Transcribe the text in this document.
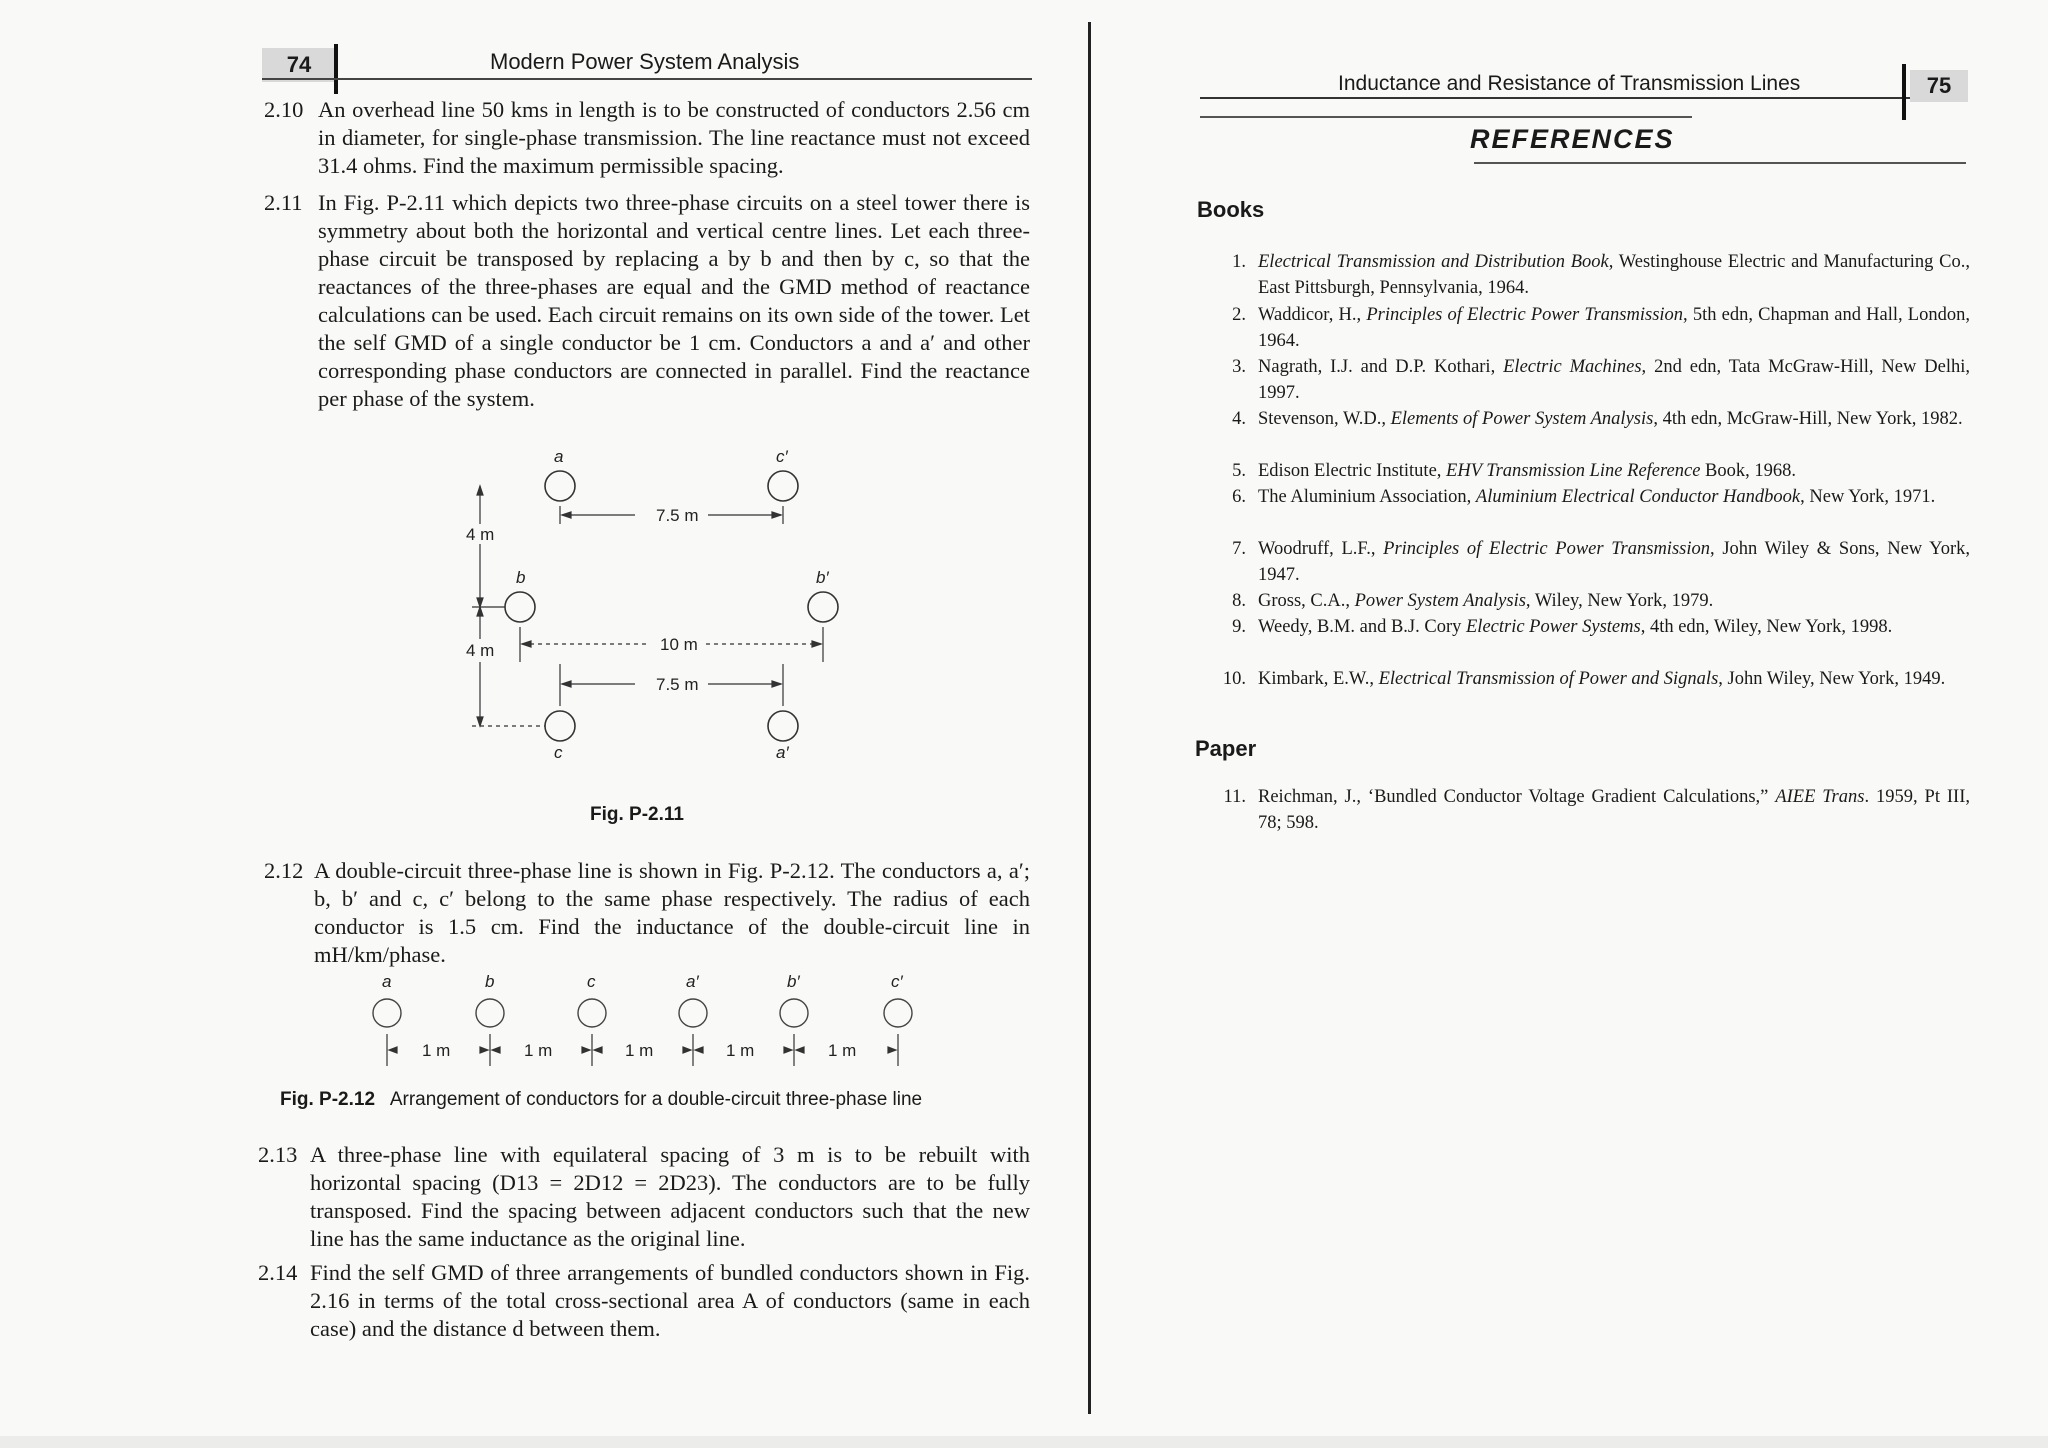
74	Modern Power System Analysis
2.10 An overhead line 50 kms in length is to be constructed of conductors 2.56 cm in diameter, for single-phase transmission. The line reactance must not exceed 31.4 ohms. Find the maximum permissible spacing.
2.11 In Fig. P-2.11 which depicts two three-phase circuits on a steel tower there is symmetry about both the horizontal and vertical centre lines. Let each three-phase circuit be transposed by replacing a by b and then by c, so that the reactances of the three-phases are equal and the GMD method of reactance calculations can be used. Each circuit remains on its own side of the tower. Let the self GMD of a single conductor be 1 cm. Conductors a and a′ and other corresponding phase conductors are connected in parallel. Find the reactance per phase of the system.
a	c′
b	b′
c	a′
7.5 m
10 m
7.5 m
4 m
4 m
Fig. P-2.11
2.12 A double-circuit three-phase line is shown in Fig. P-2.12. The conductors a, a′; b, b′ and c, c′ belong to the same phase respectively. The radius of each conductor is 1.5 cm. Find the inductance of the double-circuit line in mH/km/phase.
a	b	c	a′	b′	c′
1 m	1 m	1 m	1 m	1 m
Fig. P-2.12 Arrangement of conductors for a double-circuit three-phase line
2.13 A three-phase line with equilateral spacing of 3 m is to be rebuilt with horizontal spacing (D13 = 2D12 = 2D23). The conductors are to be fully transposed. Find the spacing between adjacent conductors such that the new line has the same inductance as the original line.
2.14 Find the self GMD of three arrangements of bundled conductors shown in Fig. 2.16 in terms of the total cross-sectional area A of conductors (same in each case) and the distance d between them.
Inductance and Resistance of Transmission Lines	75
REFERENCES
Books
1. Electrical Transmission and Distribution Book, Westinghouse Electric and Manufacturing Co., East Pittsburgh, Pennsylvania, 1964.
2. Waddicor, H., Principles of Electric Power Transmission, 5th edn, Chapman and Hall, London, 1964.
3. Nagrath, I.J. and D.P. Kothari, Electric Machines, 2nd edn, Tata McGraw-Hill, New Delhi, 1997.
4. Stevenson, W.D., Elements of Power System Analysis, 4th edn, McGraw-Hill, New York, 1982.
5. Edison Electric Institute, EHV Transmission Line Reference Book, 1968.
6. The Aluminium Association, Aluminium Electrical Conductor Handbook, New York, 1971.
7. Woodruff, L.F., Principles of Electric Power Transmission, John Wiley & Sons, New York, 1947.
8. Gross, C.A., Power System Analysis, Wiley, New York, 1979.
9. Weedy, B.M. and B.J. Cory Electric Power Systems, 4th edn, Wiley, New York, 1998.
10. Kimbark, E.W., Electrical Transmission of Power and Signals, John Wiley, New York, 1949.
Paper
11. Reichman, J., ‘Bundled Conductor Voltage Gradient Calculations,” AIEE Trans. 1959, Pt III, 78; 598.
